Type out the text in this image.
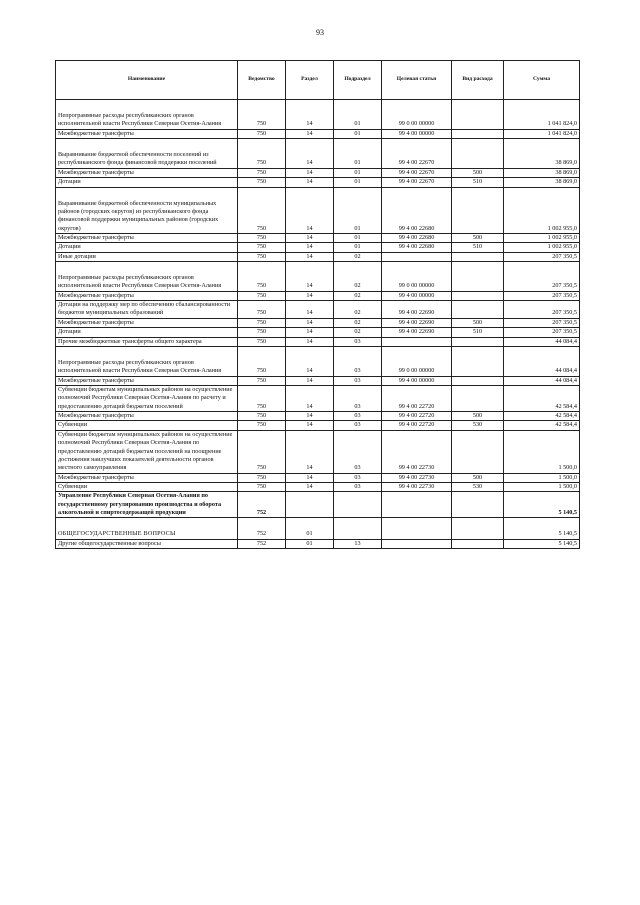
93
Наименование	Ведомство	Раздел	Подраздел	Целевая статья	Вид расхода	Сумма
Непрограммные расходы республиканских органов исполнительной власти Республики Северная Осетия-Алания	750	14	01	99 0 00 00000		1 041 824,0
Межбюджетные трансферты	750	14	01	99 4 00 00000		1 041 824,0
Выравнивание бюджетной обеспеченности поселений из республиканского фонда финансовой поддержки поселений	750	14	01	99 4 00 22670		38 869,0
Межбюджетные трансферты	750	14	01	99 4 00 22670	500	38 869,0
Дотации	750	14	01	99 4 00 22670	510	38 869,0
Выравнивание бюджетной обеспеченности муниципальных районов (городских округов) из республиканского фонда финансовой поддержки муниципальных районов (городских округов)	750	14	01	99 4 00 22680		1 002 955,0
Межбюджетные трансферты	750	14	01	99 4 00 22680	500	1 002 955,0
Дотации	750	14	01	99 4 00 22680	510	1 002 955,0
Иные дотации	750	14	02			207 350,5
Непрограммные расходы республиканских органов исполнительной власти Республики Северная Осетия-Алания	750	14	02	99 0 00 00000		207 350,5
Межбюджетные трансферты	750	14	02	99 4 00 00000		207 350,5
Дотации на поддержку мер по обеспечению сбалансированности бюджетов муниципальных образований	750	14	02	99 4 00 22690		207 350,5
Межбюджетные трансферты	750	14	02	99 4 00 22690	500	207 350,5
Дотации	750	14	02	99 4 00 22690	510	207 350,5
Прочие межбюджетные трансферты общего характера	750	14	03			44 084,4
Непрограммные расходы республиканских органов исполнительной власти Республики Северная Осетия-Алания	750	14	03	99 0 00 00000		44 084,4
Межбюджетные трансферты	750	14	03	99 4 00 00000		44 084,4
Субвенции бюджетам муниципальных районов на осуществление полномочий Республики Северная Осетия-Алания по расчету и предоставлению дотаций бюджетам поселений	750	14	03	99 4 00 22720		42 584,4
Межбюджетные трансферты	750	14	03	99 4 00 22720	500	42 584,4
Субвенции	750	14	03	99 4 00 22720	530	42 584,4
Субвенции бюджетам муниципальных районов на осуществление полномочий Республики Северная Осетия-Алания по предоставлению дотаций бюджетам поселений на поощрение достижения наилучших показателей деятельности органов местного самоуправления	750	14	03	99 4 00 22730		1 500,0
Межбюджетные трансферты	750	14	03	99 4 00 22730	500	1 500,0
Субвенции	750	14	03	99 4 00 22730	530	1 500,0
Управление Республики Северная Осетия-Алания по государственному регулированию производства и оборота алкогольной и спиртосодержащей продукции	752					5 140,5
ОБЩЕГОСУДАРСТВЕННЫЕ ВОПРОСЫ	752	01				5 140,5
Другие общегосударственные вопросы	752	01	13			5 140,5
